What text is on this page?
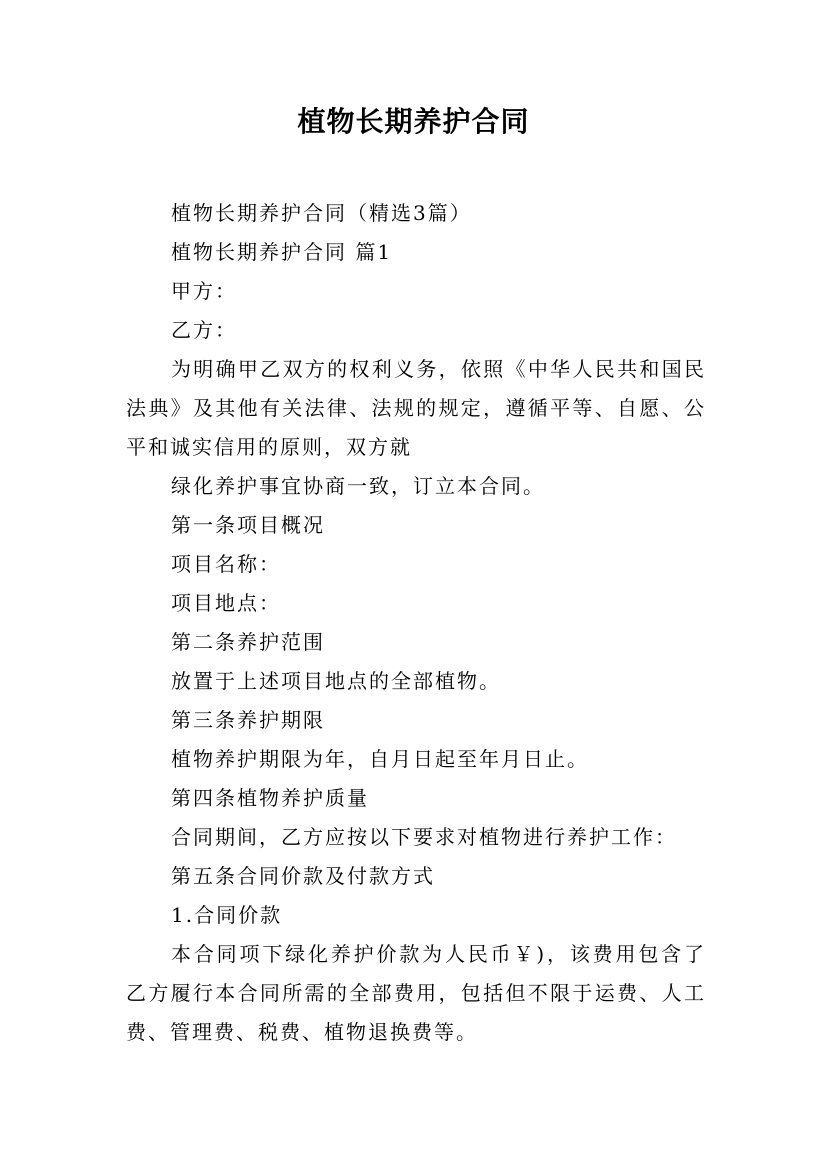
植物长期养护合同

植物长期养护合同（精选3篇）

植物长期养护合同 篇1

甲方：

乙方：

为明确甲乙双方的权利义务，依照《中华人民共和国民法典》及其他有关法律、法规的规定，遵循平等、自愿、公平和诚实信用的原则，双方就

绿化养护事宜协商一致，订立本合同。

第一条项目概况

项目名称：

项目地点：

第二条养护范围

放置于上述项目地点的全部植物。

第三条养护期限

植物养护期限为年，自月日起至年月日止。

第四条植物养护质量

合同期间，乙方应按以下要求对植物进行养护工作：

第五条合同价款及付款方式

1.合同价款

本合同项下绿化养护价款为人民币￥)，该费用包含了乙方履行本合同所需的全部费用，包括但不限于运费、人工费、管理费、税费、植物退换费等。
